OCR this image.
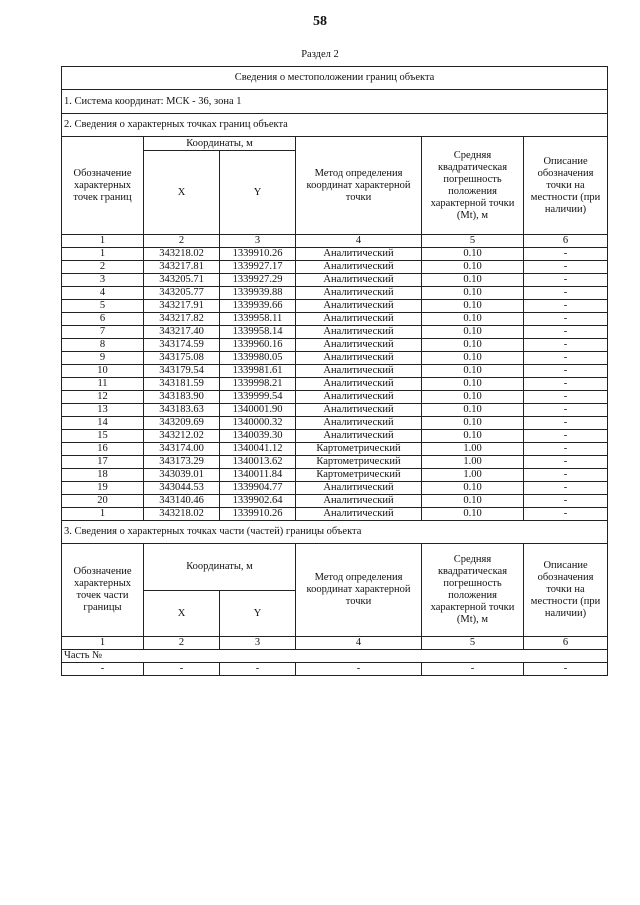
58
Раздел 2
Сведения о местоположении границ объекта					
1. Система координат: МСК - 36, зона 1					
2. Сведения о характерных точках границ объекта					
Обозначение характерных точек границ	Координаты, м		Метод определения координат характерной точки	Средняя квадратическая погрешность положения характерной точки (Mt), м	Описание обозначения точки на местности (при наличии)
	X	Y			
1	2	3	4	5	6
1	343218.02	1339910.26	Аналитический	0.10	-
2	343217.81	1339927.17	Аналитический	0.10	-
3	343205.71	1339927.29	Аналитический	0.10	-
4	343205.77	1339939.88	Аналитический	0.10	-
5	343217.91	1339939.66	Аналитический	0.10	-
6	343217.82	1339958.11	Аналитический	0.10	-
7	343217.40	1339958.14	Аналитический	0.10	-
8	343174.59	1339960.16	Аналитический	0.10	-
9	343175.08	1339980.05	Аналитический	0.10	-
10	343179.54	1339981.61	Аналитический	0.10	-
11	343181.59	1339998.21	Аналитический	0.10	-
12	343183.90	1339999.54	Аналитический	0.10	-
13	343183.63	1340001.90	Аналитический	0.10	-
14	343209.69	1340000.32	Аналитический	0.10	-
15	343212.02	1340039.30	Аналитический	0.10	-
16	343174.00	1340041.12	Картометрический	1.00	-
17	343173.29	1340013.62	Картометрический	1.00	-
18	343039.01	1340011.84	Картометрический	1.00	-
19	343044.53	1339904.77	Аналитический	0.10	-
20	343140.46	1339902.64	Аналитический	0.10	-
1	343218.02	1339910.26	Аналитический	0.10	-
3. Сведения о характерных точках части (частей) границы объекта					
Обозначение характерных точек части границы	Координаты, м		Метод определения координат характерной точки	Средняя квадратическая погрешность положения характерной точки (Mt), м	Описание обозначения точки на местности (при наличии)
	X	Y			
1	2	3	4	5	6
Часть №					
-	-	-	-	-	-
